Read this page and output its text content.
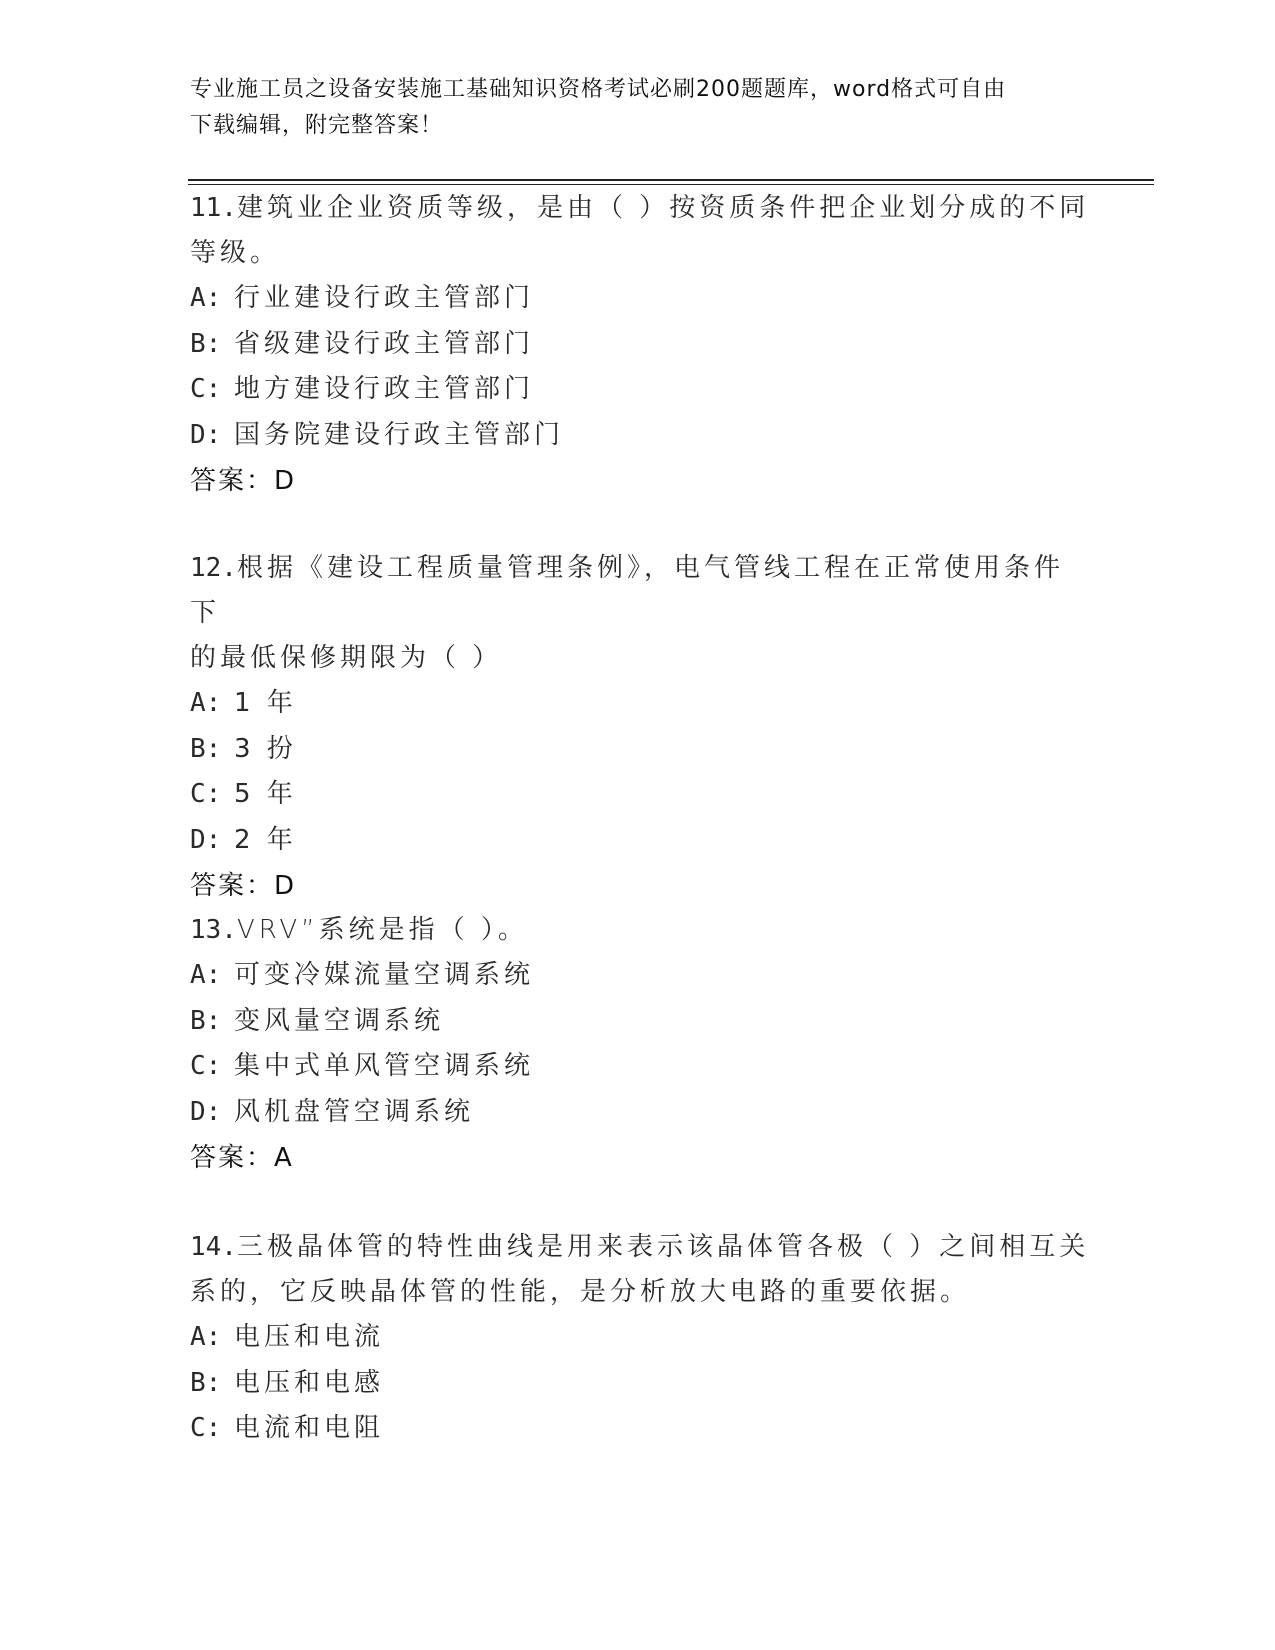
专业施工员之设备安装施工基础知识资格考试必刷200题题库，word格式可自由
下载编辑，附完整答案！
11.建筑业企业资质等级，是由（ ）按资质条件把企业划分成的不同
等级。
A: 行业建设行政主管部门
B: 省级建设行政主管部门
C: 地方建设行政主管部门
D: 国务院建设行政主管部门
答案：D
12.根据《建设工程质量管理条例》，电气管线工程在正常使用条件下
的最低保修期限为（ ）
A: 1 年
B: 3 扮
C: 5 年
D: 2 年
答案：D
13.VRV”系统是指（ ）。
A: 可变冷媒流量空调系统
B: 变风量空调系统
C: 集中式单风管空调系统
D: 风机盘管空调系统
答案：A
14.三极晶体管的特性曲线是用来表示该晶体管各极（ ）之间相互关
系的，它反映晶体管的性能，是分析放大电路的重要依据。
A: 电压和电流
B: 电压和电感
C: 电流和电阻
